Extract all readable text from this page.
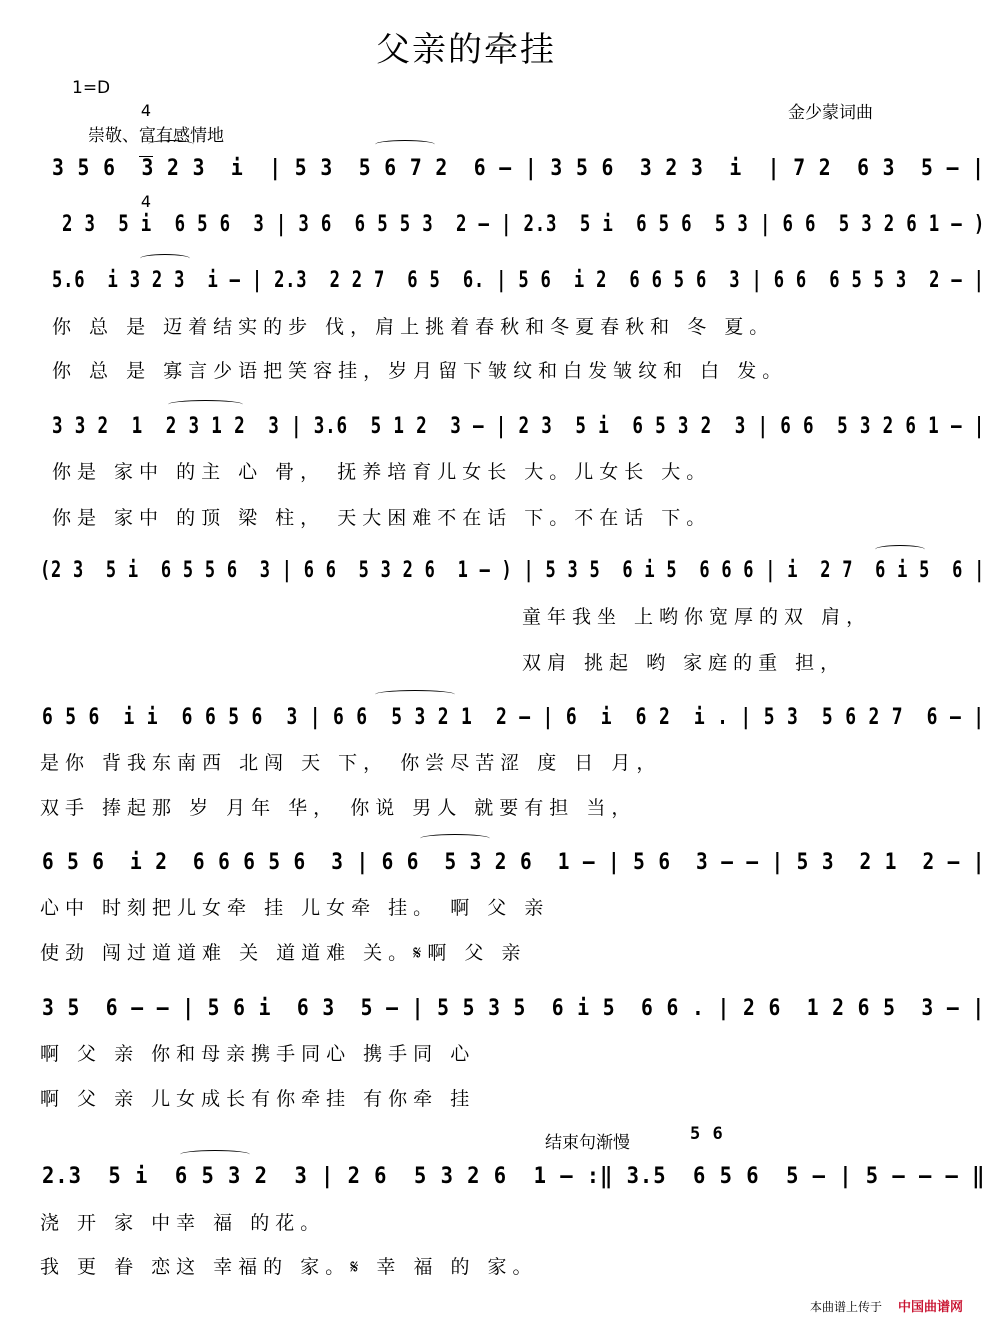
父亲的牵挂
1=D

4

4

金少蒙词曲
崇敬、富有感情地
3 5 6  3 2 3  i  | 5 3  5 6 7 2  6 — | 3 5 6  3 2 3  i  | 7 2  6 3  5 — |
2 3  5 i  6 5 6  3 | 3 6  6 5 5 3  2 — | 2.3  5 i  6 5 6  5 3 | 6 6  5 3 2 6 1 — )
5.6  i 3 2 3  i — | 2.3  2 2 7  6 5  6. | 5 6  i 2  6 6 5 6  3 | 6 6  6 5 5 3  2 — |
你 总 是 迈着结实的步 伐，肩上挑着春秋和冬夏春秋和 冬 夏。
你 总 是 寡言少语把笑容挂，岁月留下皱纹和白发皱纹和 白 发。
3 3 2  1  2 3 1 2  3 | 3.6  5 1 2  3 — | 2 3  5 i  6 5 3 2  3 | 6 6  5 3 2 6 1 — |
你是 家中 的主 心 骨， 抚养培育儿女长 大。儿女长 大。
你是 家中 的顶 梁 柱， 天大困难不在话 下。不在话 下。
(2 3  5 i  6 5 5 6  3 | 6 6  5 3 2 6  1 — ) | 5 3 5  6 i 5  6 6 6 | i  2 7  6 i 5  6 |
童年我坐 上哟你宽厚的双 肩，
双肩 挑起 哟 家庭的重 担，
6 5 6  i i  6 6 5 6  3 | 6 6  5 3 2 1  2 — | 6  i  6 2  i . | 5 3  5 6 2 7  6 — |
是你 背我东南西 北闯 天 下， 你尝尽苦涩 度 日 月，
双手 捧起那 岁 月年 华， 你说 男人 就要有担 当，
6 5 6  i 2  6 6 6 5 6  3 | 6 6  5 3 2 6  1 — | 5 6  3 — — | 5 3  2 1  2 — |
心中 时刻把儿女牵 挂 儿女牵 挂。 啊 父 亲
使劲 闯过道道难 关 道道难 关。𝄋啊 父 亲
3 5  6 — — | 5 6 i  6 3  5 — | 5 5 3 5  6 i 5  6 6 . | 2 6  1 2 6 5  3 — |
啊 父 亲 你和母亲携手同心 携手同 心
啊 父 亲 儿女成长有你牵挂 有你牵 挂
结束句渐慢	5 6
2.3  5 i  6 5 3 2  3 | 2 6  5 3 2 6  1 — :‖ 3.5  6 5 6  5 — | 5 — — — ‖
浇 开 家 中幸 福 的花。
我 更 眷 恋这 幸福的 家。𝄋 幸 福 的 家。
本曲谱上传于 中国曲谱网
